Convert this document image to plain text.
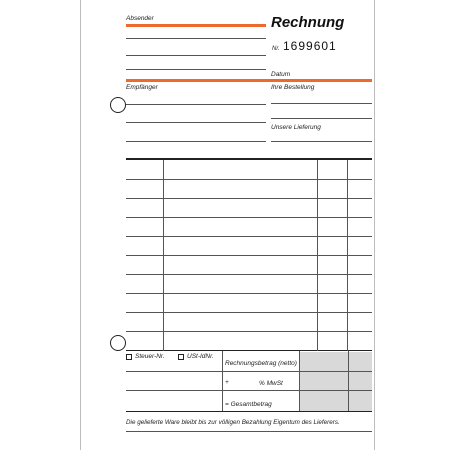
Absender	Rechnung
Nr. 1699601
Datum
Empfänger	Ihre Bestellung
Unsere Lieferung
Steuer-Nr.	USt-IdNr.
Rechnungsbetrag (netto)
+	% MwSt
= Gesamtbetrag
Die gelieferte Ware bleibt bis zur völligen Bezahlung Eigentum des Lieferers.
